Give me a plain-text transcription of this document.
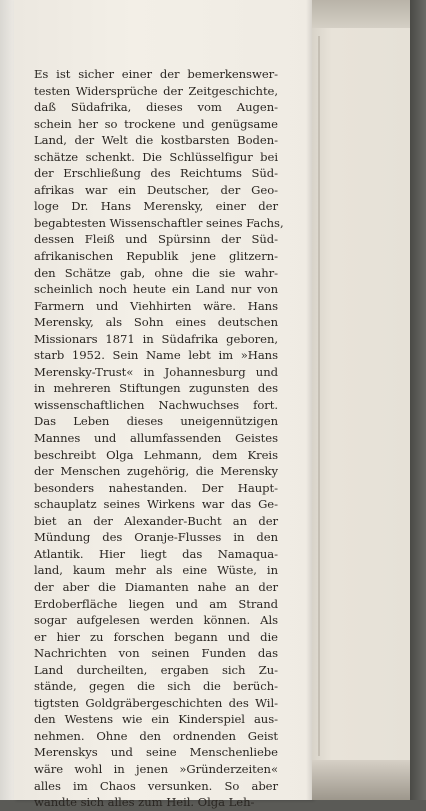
Es ist sicher einer der bemerkenswer-
testen Widersprüche der Zeitgeschichte,
daß Südafrika, dieses vom Augen-
schein her so trockene und genügsame
Land, der Welt die kostbarsten Boden-
schätze schenkt. Die Schlüsselfigur bei
der Erschließung des Reichtums Süd-
afrikas war ein Deutscher, der Geo-
loge Dr. Hans Merensky, einer der
begabtesten Wissenschaftler seines Fachs,
dessen Fleiß und Spürsinn der Süd-
afrikanischen Republik jene glitzern-
den Schätze gab, ohne die sie wahr-
scheinlich noch heute ein Land nur von
Farmern und Viehhirten wäre. Hans
Merensky, als Sohn eines deutschen
Missionars 1871 in Südafrika geboren,
starb 1952. Sein Name lebt im »Hans
Merensky-Trust« in Johannesburg und
in mehreren Stiftungen zugunsten des
wissenschaftlichen Nachwuchses fort.
Das Leben dieses uneigennützigen
Mannes und allumfassenden Geistes
beschreibt Olga Lehmann, dem Kreis
der Menschen zugehörig, die Merensky
besonders nahestanden. Der Haupt-
schauplatz seines Wirkens war das Ge-
biet an der Alexander-Bucht an der
Mündung des Oranje-Flusses in den
Atlantik. Hier liegt das Namaqua-
land, kaum mehr als eine Wüste, in
der aber die Diamanten nahe an der
Erdoberfläche liegen und am Strand
sogar aufgelesen werden können. Als
er hier zu forschen begann und die
Nachrichten von seinen Funden das
Land durcheilten, ergaben sich Zu-
stände, gegen die sich die berüch-
tigtsten Goldgräbergeschichten des Wil-
den Westens wie ein Kinderspiel aus-
nehmen. Ohne den ordnenden Geist
Merenskys und seine Menschenliebe
wäre wohl in jenen »Gründerzeiten«
alles im Chaos versunken. So aber
wandte sich alles zum Heil. Olga Leh-
